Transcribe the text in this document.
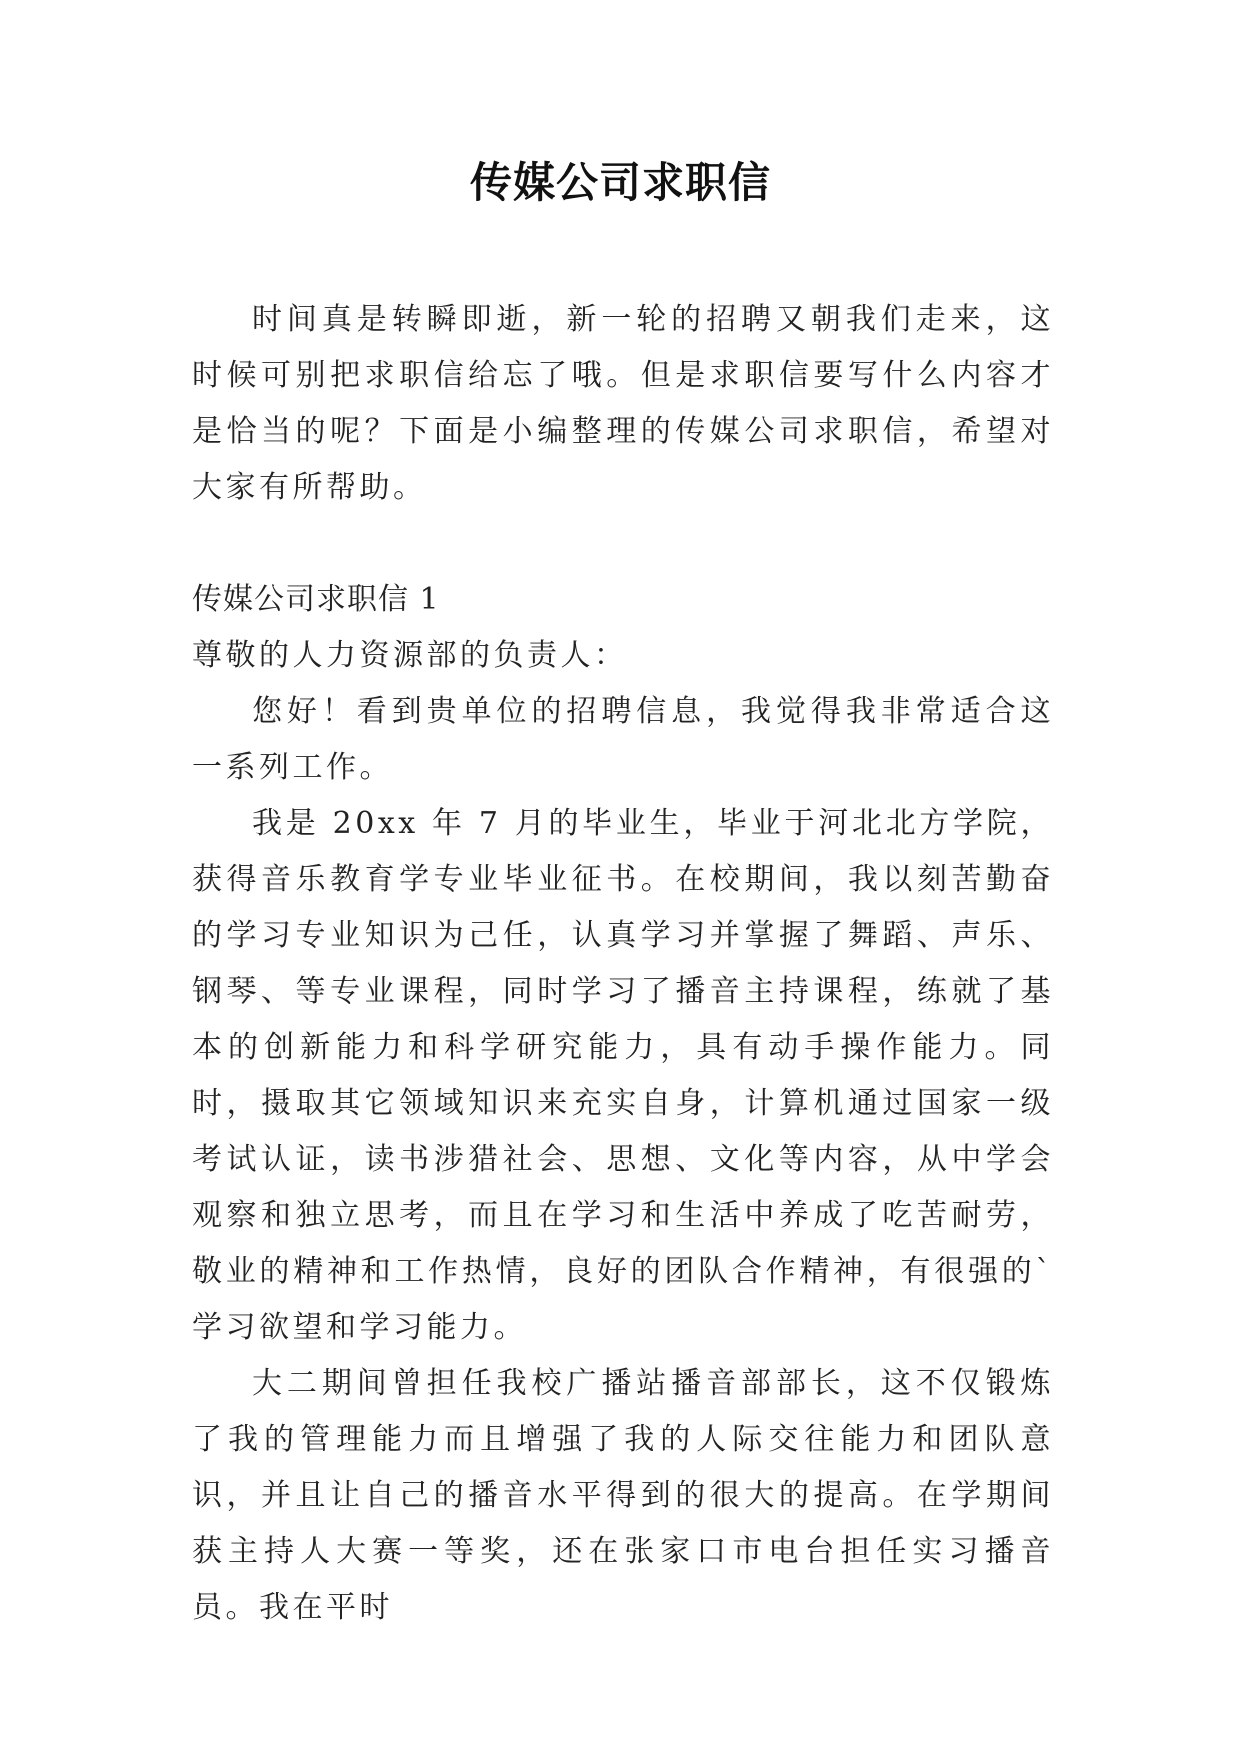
传媒公司求职信

时间真是转瞬即逝，新一轮的招聘又朝我们走来，这时候可别把求职信给忘了哦。但是求职信要写什么内容才是恰当的呢？下面是小编整理的传媒公司求职信，希望对大家有所帮助。

传媒公司求职信 1

尊敬的人力资源部的负责人：

您好！看到贵单位的招聘信息，我觉得我非常适合这一系列工作。

我是 20xx 年 7 月的毕业生，毕业于河北北方学院，获得音乐教育学专业毕业征书。在校期间，我以刻苦勤奋的学习专业知识为己任，认真学习并掌握了舞蹈、声乐、钢琴、等专业课程，同时学习了播音主持课程，练就了基本的创新能力和科学研究能力，具有动手操作能力。同时，摄取其它领域知识来充实自身，计算机通过国家一级考试认证，读书涉猎社会、思想、文化等内容，从中学会观察和独立思考，而且在学习和生活中养成了吃苦耐劳，敬业的精神和工作热情，良好的团队合作精神，有很强的`学习欲望和学习能力。

大二期间曾担任我校广播站播音部部长，这不仅锻炼了我的管理能力而且增强了我的人际交往能力和团队意识，并且让自己的播音水平得到的很大的提高。在学期间获主持人大赛一等奖，还在张家口市电台担任实习播音员。我在平时
